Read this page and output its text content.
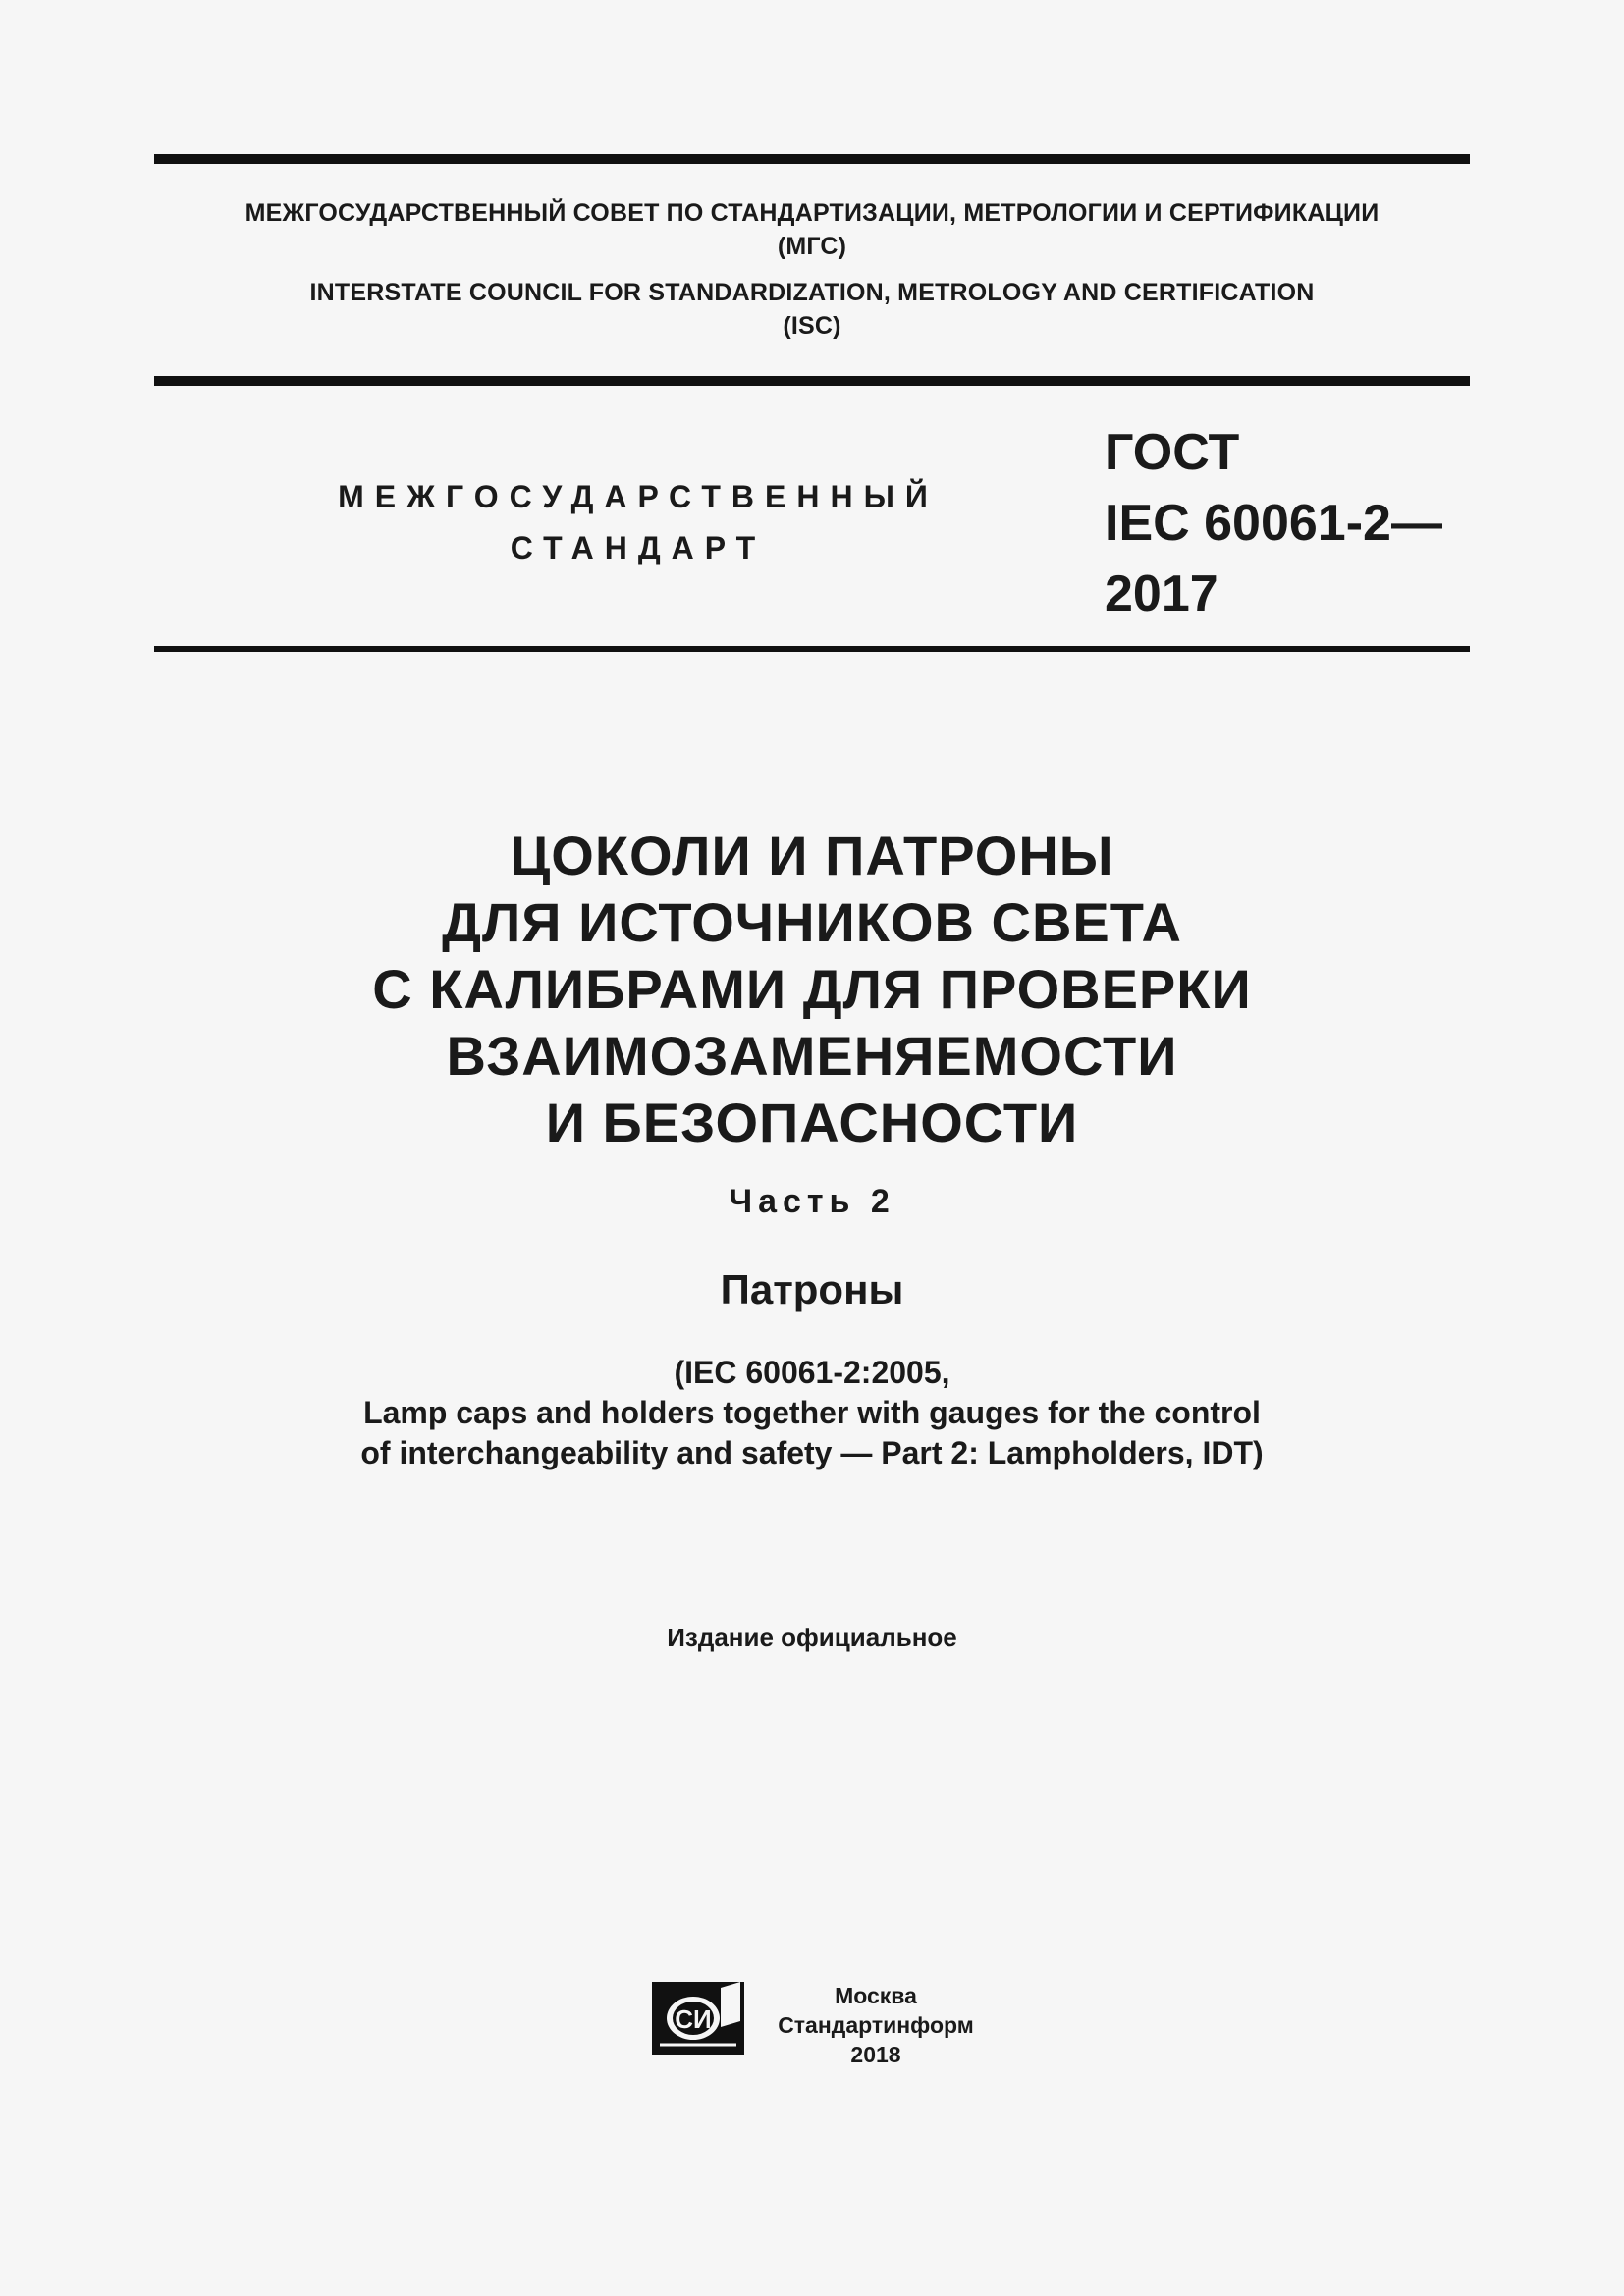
МЕЖГОСУДАРСТВЕННЫЙ СОВЕТ ПО СТАНДАРТИЗАЦИИ, МЕТРОЛОГИИ И СЕРТИФИКАЦИИ
(МГС)
INTERSTATE COUNCIL FOR STANDARDIZATION, METROLOGY AND CERTIFICATION
(ISC)
МЕЖГОСУДАРСТВЕННЫЙ
СТАНДАРТ
ГОСТ
IEC 60061-2—
2017
ЦОКОЛИ И ПАТРОНЫ
ДЛЯ ИСТОЧНИКОВ СВЕТА
С КАЛИБРАМИ ДЛЯ ПРОВЕРКИ
ВЗАИМОЗАМЕНЯЕМОСТИ
И БЕЗОПАСНОСТИ
Часть 2
Патроны
(IEC 60061-2:2005,
Lamp caps and holders together with gauges for the control
of interchangeability and safety — Part 2: Lampholders, IDT)
Издание официальное
СИ
Москва
Стандартинформ
2018
